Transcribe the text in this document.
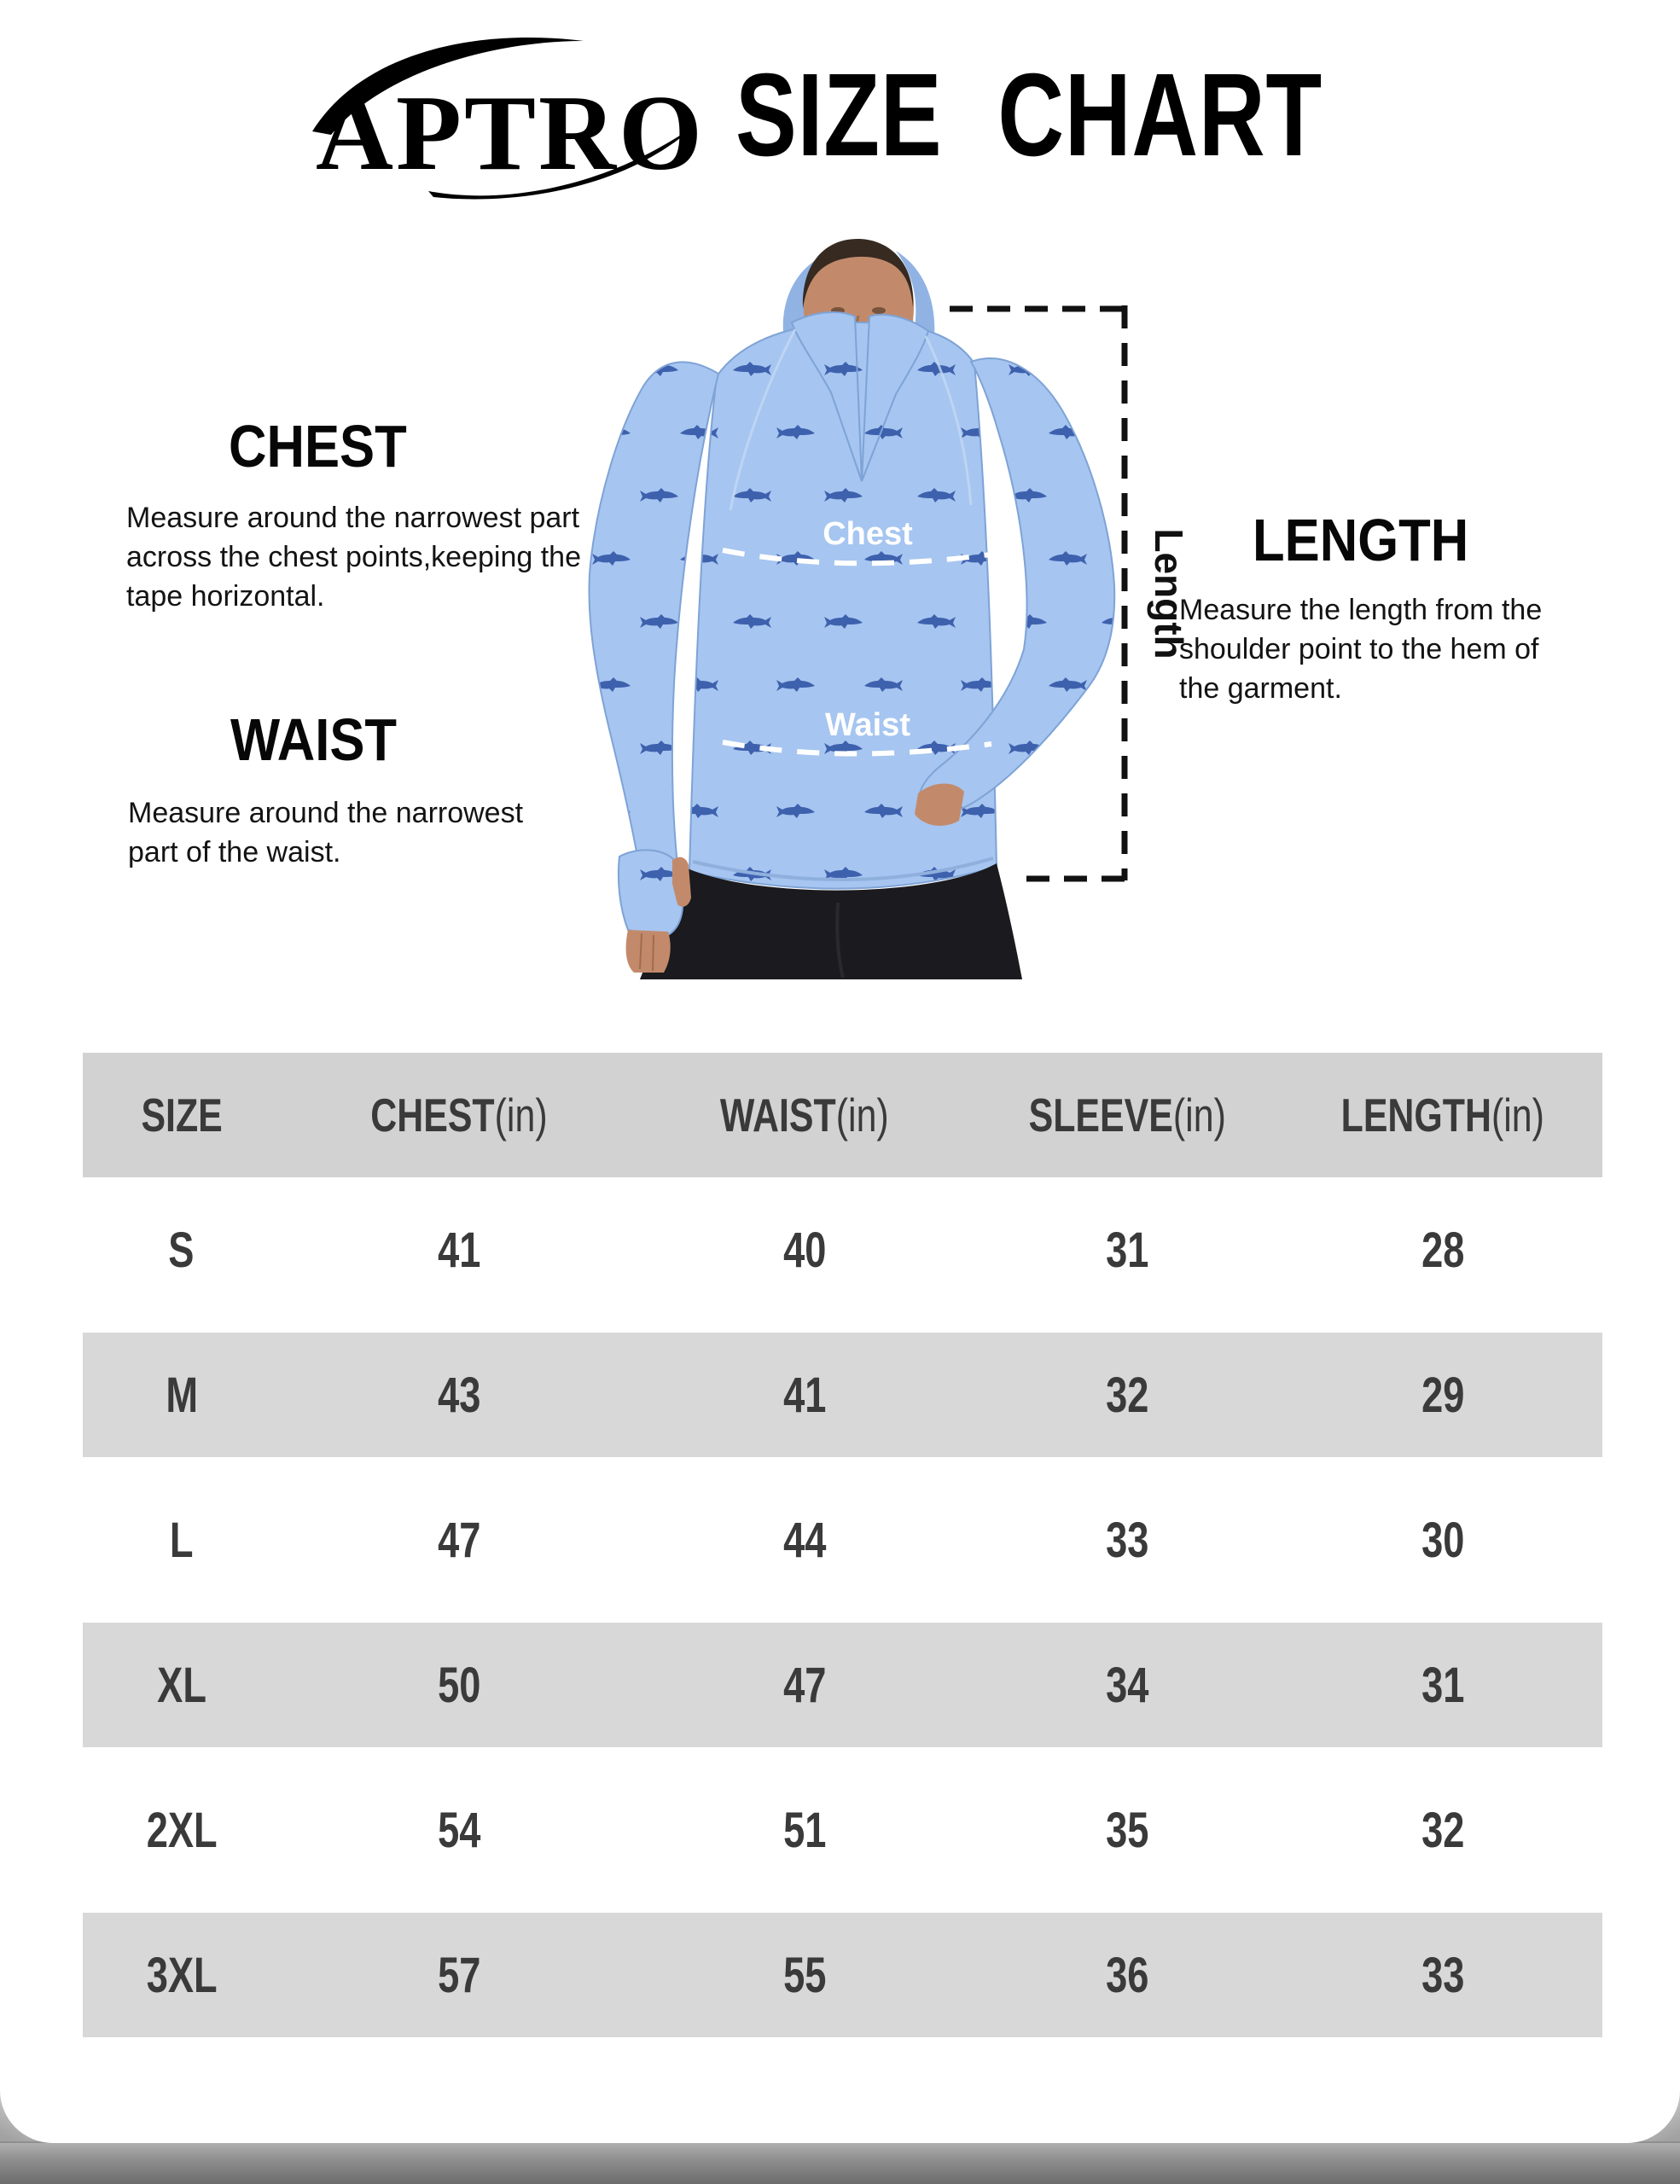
APTRO SIZE CHART
CHEST
Measure around the narrowest part
across the chest points,keeping the
tape horizontal.
WAIST
Measure around the narrowest
part of the waist.
LENGTH
Measure the length from the
shoulder point to the hem of
the garment.
Chest
Waist
Length
SIZE	CHEST(in)	WAIST(in)	SLEEVE(in)	LENGTH(in)
S	41	40	31	28
M	43	41	32	29
L	47	44	33	30
XL	50	47	34	31
2XL	54	51	35	32
3XL	57	55	36	33
